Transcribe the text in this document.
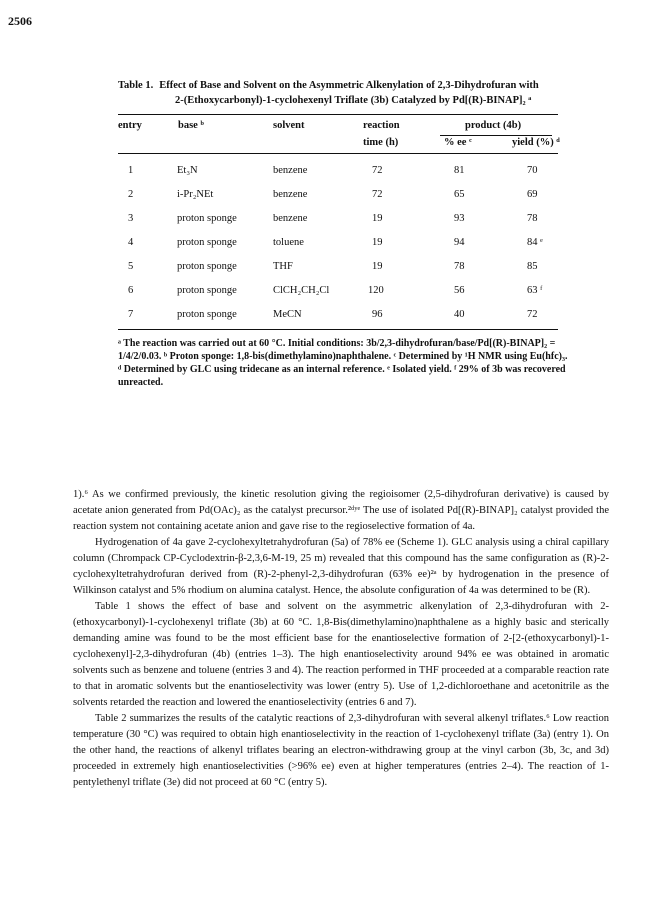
2506
Table 1. Effect of Base and Solvent on the Asymmetric Alkenylation of 2,3-Dihydrofuran with
2-(Ethoxycarbonyl)-1-cyclohexenyl Triflate (3b) Catalyzed by Pd[(R)-BINAP]₂ ᵃ
entry	base ᵇ	solvent	reaction
time (h)
product (4b)
% ee ᶜ	yield (%) ᵈ
1	Et₃N	benzene	72	81	70
2	i-Pr₂NEt	benzene	72	65	69
3	proton sponge	benzene	19	93	78
4	proton sponge	toluene	19	94	84 ᵉ
5	proton sponge	THF	19	78	85
6	proton sponge	ClCH₂CH₂Cl	120	56	63 ᶠ
7	proton sponge	MeCN	96	40	72
ᵃ The reaction was carried out at 60 °C. Initial conditions: 3b/2,3-dihydrofuran/base/Pd[(R)-BINAP]₂ = 1/4/2/0.03. ᵇ Proton sponge: 1,8-bis(dimethylamino)naphthalene. ᶜ Determined by ¹H NMR using Eu(hfc)₃. ᵈ Determined by GLC using tridecane as an internal reference. ᵉ Isolated yield. ᶠ 29% of 3b was recovered unreacted.

1).⁶ As we confirmed previously, the kinetic resolution giving the regioisomer (2,5-dihydrofuran derivative) is caused by acetate anion generated from Pd(OAc)₂ as the catalyst precursor.²ᵈʸᵉ The use of isolated Pd[(R)-BINAP]₂ catalyst provided the reaction system not containing acetate anion and gave rise to the regioselective formation of 4a.

Hydrogenation of 4a gave 2-cyclohexyltetrahydrofuran (5a) of 78% ee (Scheme 1). GLC analysis using a chiral capillary column (Chrompack CP-Cyclodextrin-β-2,3,6-M-19, 25 m) revealed that this compound has the same configuration as (R)-2-cyclohexyltetrahydrofuran derived from (R)-2-phenyl-2,3-dihydrofuran (63% ee)²ᵃ by hydrogenation in the presence of Wilkinson catalyst and 5% rhodium on alumina catalyst. Hence, the absolute configuration of 4a was determined to be (R).

Table 1 shows the effect of base and solvent on the asymmetric alkenylation of 2,3-dihydrofuran with 2-(ethoxycarbonyl)-1-cyclohexenyl triflate (3b) at 60 °C. 1,8-Bis(dimethylamino)naphthalene as a highly basic and sterically demanding amine was found to be the most efficient base for the enantioselective formation of 2-[2-(ethoxycarbonyl)-1-cyclohexenyl]-2,3-dihydrofuran (4b) (entries 1–3). The high enantioselectivity around 94% ee was obtained in aromatic solvents such as benzene and toluene (entries 3 and 4). The reaction performed in THF proceeded at a comparable reaction rate to that in aromatic solvents but the enantioselectivity was lower (entry 5). Use of 1,2-dichloroethane and acetonitrile as the solvents retarded the reaction and lowered the enantioselectivity (entries 6 and 7).

Table 2 summarizes the results of the catalytic reactions of 2,3-dihydrofuran with several alkenyl triflates.⁶ Low reaction temperature (30 °C) was required to obtain high enantioselectivity in the reaction of 1-cyclohexenyl triflate (3a) (entry 1). On the other hand, the reactions of alkenyl triflates bearing an electron-withdrawing group at the vinyl carbon (3b, 3c, and 3d) proceeded in extremely high enantioselectivities (>96% ee) even at higher temperatures (entries 2–4). The reaction of 1-pentylethenyl triflate (3e) did not proceed at 60 °C (entry 5).
